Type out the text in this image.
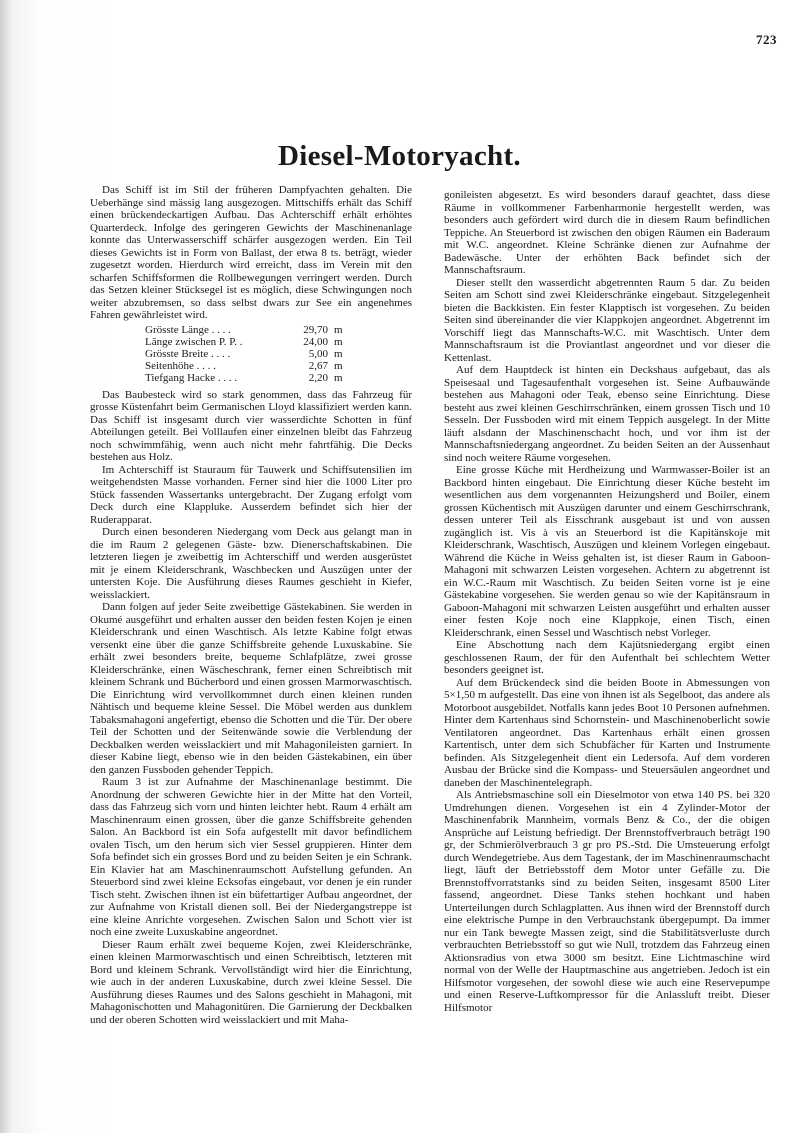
723
Diesel-Motoryacht.

Das Schiff ist im Stil der früheren Dampfyachten gehalten. Die Ueberhänge sind mässig lang ausgezogen. Mittschiffs erhält das Schiff einen brückendeckartigen Aufbau. Das Achterschiff erhält erhöhtes Quarterdeck. Infolge des geringeren Gewichts der Maschinenanlage konnte das Unterwasserschiff schärfer ausgezogen werden. Ein Teil dieses Gewichts ist in Form von Ballast, der etwa 8 ts. beträgt, wieder zugesetzt worden. Hierdurch wird erreicht, dass im Verein mit den scharfen Schiffsformen die Rollbewegungen verringert werden. Durch das Setzen kleiner Stücksegel ist es möglich, diese Schwingungen noch weiter abzubremsen, so dass selbst dwars zur See ein angenehmes Fahren gewährleistet wird.

Grösste Länge . . . .	29,70	m
Länge zwischen P. P. .	24,00	m
Grösste Breite . . . .	5,00	m
Seitenhöhe . . . .	2,67	m
Tiefgang Hacke . . . .	2,20	m

Das Baubesteck wird so stark genommen, dass das Fahrzeug für grosse Küstenfahrt beim Germanischen Lloyd klassifiziert werden kann. Das Schiff ist insgesamt durch vier wasserdichte Schotten in fünf Abteilungen geteilt. Bei Volllaufen einer einzelnen bleibt das Fahrzeug noch schwimmfähig, wenn auch nicht mehr fahrtfähig. Die Decks bestehen aus Holz.

Im Achterschiff ist Stauraum für Tauwerk und Schiffsutensilien im weitgehendsten Masse vorhanden. Ferner sind hier die 1000 Liter pro Stück fassenden Wassertanks untergebracht. Der Zugang erfolgt vom Deck durch eine Klappluke. Ausserdem befindet sich hier der Ruderapparat.

Durch einen besonderen Niedergang vom Deck aus gelangt man in die im Raum 2 gelegenen Gäste- bzw. Dienerschaftskabinen. Die letzteren liegen je zweibettig im Achterschiff und werden ausgerüstet mit je einem Kleiderschrank, Waschbecken und Auszügen unter der untersten Koje. Die Ausführung dieses Raumes geschieht in Kiefer, weisslackiert.

Dann folgen auf jeder Seite zweibettige Gästekabinen. Sie werden in Okumé ausgeführt und erhalten ausser den beiden festen Kojen je einen Kleiderschrank und einen Waschtisch. Als letzte Kabine folgt etwas versenkt eine über die ganze Schiffsbreite gehende Luxuskabine. Sie erhält zwei besonders breite, bequeme Schlafplätze, zwei grosse Kleiderschränke, einen Wäscheschrank, ferner einen Schreibtisch mit kleinem Schrank und Bücherbord und einen grossen Marmorwaschtisch. Die Einrichtung wird vervollkommnet durch einen kleinen runden Nähtisch und bequeme kleine Sessel. Die Möbel werden aus dunklem Tabaksmahagoni angefertigt, ebenso die Schotten und die Tür. Der obere Teil der Schotten und der Seitenwände sowie die Verblendung der Deckbalken werden weisslackiert und mit Mahagonileisten garniert. In dieser Kabine liegt, ebenso wie in den beiden Gästekabinen, ein über den ganzen Fussboden gehender Teppich.

Raum 3 ist zur Aufnahme der Maschinenanlage bestimmt. Die Anordnung der schweren Gewichte hier in der Mitte hat den Vorteil, dass das Fahrzeug sich vorn und hinten leichter hebt. Raum 4 erhält am Maschinenraum einen grossen, über die ganze Schiffsbreite gehenden Salon. An Backbord ist ein Sofa aufgestellt mit davor befindlichem ovalen Tisch, um den herum sich vier Sessel gruppieren. Hinter dem Sofa befindet sich ein grosses Bord und zu beiden Seiten je ein Schrank. Ein Klavier hat am Maschinenraumschott Aufstellung gefunden. An Steuerbord sind zwei kleine Ecksofas eingebaut, vor denen je ein runder Tisch steht. Zwischen ihnen ist ein büfettartiger Aufbau angeordnet, der zur Aufnahme von Kristall dienen soll. Bei der Niedergangstreppe ist eine kleine Anrichte vorgesehen. Zwischen Salon und Schott vier ist noch eine zweite Luxuskabine angeordnet.

Dieser Raum erhält zwei bequeme Kojen, zwei Kleiderschränke, einen kleinen Marmorwaschtisch und einen Schreibtisch, letzteren mit Bord und kleinem Schrank. Vervollständigt wird hier die Einrichtung, wie auch in der anderen Luxuskabine, durch zwei kleine Sessel. Die Ausführung dieses Raumes und des Salons geschieht in Mahagoni, mit Mahagonischotten und Mahagonitüren. Die Garnierung der Deckbalken und der oberen Schotten wird weisslackiert und mit Maha-

gonileisten abgesetzt. Es wird besonders darauf geachtet, dass diese Räume in vollkommener Farbenharmonie hergestellt werden, was besonders auch gefördert wird durch die in diesem Raum befindlichen Teppiche. An Steuerbord ist zwischen den obigen Räumen ein Baderaum mit W.C. angeordnet. Kleine Schränke dienen zur Aufnahme der Badewäsche. Unter der erhöhten Back befindet sich der Mannschaftsraum.

Dieser stellt den wasserdicht abgetrennten Raum 5 dar. Zu beiden Seiten am Schott sind zwei Kleiderschränke eingebaut. Sitzgelegenheit bieten die Backkisten. Ein fester Klapptisch ist vorgesehen. Zu beiden Seiten sind übereinander die vier Klappkojen angeordnet. Abgetrennt im Vorschiff liegt das Mannschafts-W.C. mit Waschtisch. Unter dem Mannschaftsraum ist die Proviantlast angeordnet und vor dieser die Kettenlast.

Auf dem Hauptdeck ist hinten ein Deckshaus aufgebaut, das als Speisesaal und Tagesaufenthalt vorgesehen ist. Seine Aufbauwände bestehen aus Mahagoni oder Teak, ebenso seine Einrichtung. Diese besteht aus zwei kleinen Geschirrschränken, einem grossen Tisch und 10 Sesseln. Der Fussboden wird mit einem Teppich ausgelegt. In der Mitte läuft alsdann der Maschinenschacht hoch, und vor ihm ist der Mannschaftsniedergang angeordnet. Zu beiden Seiten an der Aussenhaut sind noch weitere Räume vorgesehen.

Eine grosse Küche mit Herdheizung und Warmwasser-Boiler ist an Backbord hinten eingebaut. Die Einrichtung dieser Küche besteht im wesentlichen aus dem vorgenannten Heizungsherd und Boiler, einem grossen Küchentisch mit Auszügen darunter und einem Geschirrschrank, dessen unterer Teil als Eisschrank ausgebaut ist und von aussen zugänglich ist. Vis à vis an Steuerbord ist die Kapitänskoje mit Kleiderschrank, Waschtisch, Auszügen und kleinem Vorlegen eingebaut. Während die Küche in Weiss gehalten ist, ist dieser Raum in Gaboon-Mahagoni mit schwarzen Leisten vorgesehen. Achtern zu abgetrennt ist ein W.C.-Raum mit Waschtisch. Zu beiden Seiten vorne ist je eine Gästekabine vorgesehen. Sie werden genau so wie der Kapitänsraum in Gaboon-Mahagoni mit schwarzen Leisten ausgeführt und erhalten ausser einer festen Koje noch eine Klappkoje, einen Tisch, einen Kleiderschrank, einen Sessel und Waschtisch nebst Vorleger.

Eine Abschottung nach dem Kajütsniedergang ergibt einen geschlossenen Raum, der für den Aufenthalt bei schlechtem Wetter besonders geeignet ist.

Auf dem Brückendeck sind die beiden Boote in Abmessungen von 5×1,50 m aufgestellt. Das eine von ihnen ist als Segelboot, das andere als Motorboot ausgebildet. Notfalls kann jedes Boot 10 Personen aufnehmen. Hinter dem Kartenhaus sind Schornstein- und Maschinenoberlicht sowie Ventilatoren angeordnet. Das Kartenhaus erhält einen grossen Kartentisch, unter dem sich Schubfächer für Karten und Instrumente befinden. Als Sitzgelegenheit dient ein Ledersofa. Auf dem vorderen Ausbau der Brücke sind die Kompass- und Steuersäulen angeordnet und daneben der Maschinentelegraph.

Als Antriebsmaschine soll ein Dieselmotor von etwa 140 PS. bei 320 Umdrehungen dienen. Vorgesehen ist ein 4 Zylinder-Motor der Maschinenfabrik Mannheim, vormals Benz & Co., der die obigen Ansprüche auf Leistung befriedigt. Der Brennstoffverbrauch beträgt 190 gr, der Schmierölverbrauch 3 gr pro PS.-Std. Die Umsteuerung erfolgt durch Wendegetriebe. Aus dem Tagestank, der im Maschinenraumschacht liegt, läuft der Betriebsstoff dem Motor unter Gefälle zu. Die Brennstoffvorratstanks sind zu beiden Seiten, insgesamt 8500 Liter fassend, angeordnet. Diese Tanks stehen hochkant und haben Unterteilungen durch Schlagplatten. Aus ihnen wird der Brennstoff durch eine elektrische Pumpe in den Verbrauchstank übergepumpt. Da immer nur ein Tank bewegte Massen zeigt, sind die Stabilitätsverluste durch verbrauchten Betriebsstoff so gut wie Null, trotzdem das Fahrzeug einen Aktionsradius von etwa 3000 sm besitzt. Eine Lichtmaschine wird normal von der Welle der Hauptmaschine aus angetrieben. Jedoch ist ein Hilfsmotor vorgesehen, der sowohl diese wie auch eine Reservepumpe und einen Reserve-Luftkompressor für die Anlassluft treibt. Dieser Hilfsmotor
